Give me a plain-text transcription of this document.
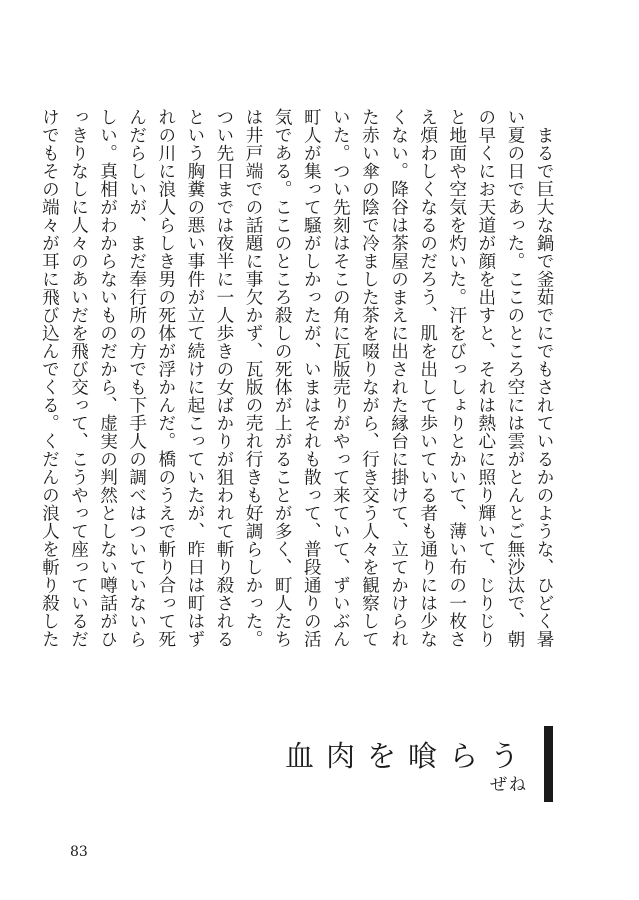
　まるで巨大な鍋で釜茹でにでもされているかのような、ひどく暑
い夏の日であった。ここのところ空には雲がとんとご無沙汰で、朝
の早くにお天道が顔を出すと、それは熱心に照り輝いて、じりじり
と地面や空気を灼いた。汗をびっしょりとかいて、薄い布の一枚さ
え煩わしくなるのだろう、肌を出して歩いている者も通りには少な
くない。降谷は茶屋のまえに出された縁台に掛けて、立てかけられ
た赤い傘の陰で冷ました茶を啜りながら、行き交う人々を観察して
いた。つい先刻はそこの角に瓦版売りがやって来ていて、ずいぶん
町人が集って騒がしかったが、いまはそれも散って、普段通りの活
気である。ここのところ殺しの死体が上がることが多く、町人たち
は井戸端での話題に事欠かず、瓦版の売れ行きも好調らしかった。
つい先日までは夜半に一人歩きの女ばかりが狙われて斬り殺される
という胸糞の悪い事件が立て続けに起こっていたが、昨日は町はず
れの川に浪人らしき男の死体が浮かんだ。橋のうえで斬り合って死
んだらしいが、まだ奉行所の方でも下手人の調べはついていないら
しい。真相がわからないものだから、虚実の判然としない噂話がひ
っきりなしに人々のあいだを飛び交って、こうやって座っているだ
けでもその端々が耳に飛び込んでくる。くだんの浪人を斬り殺した
血肉を喰らう
ぜね
83
